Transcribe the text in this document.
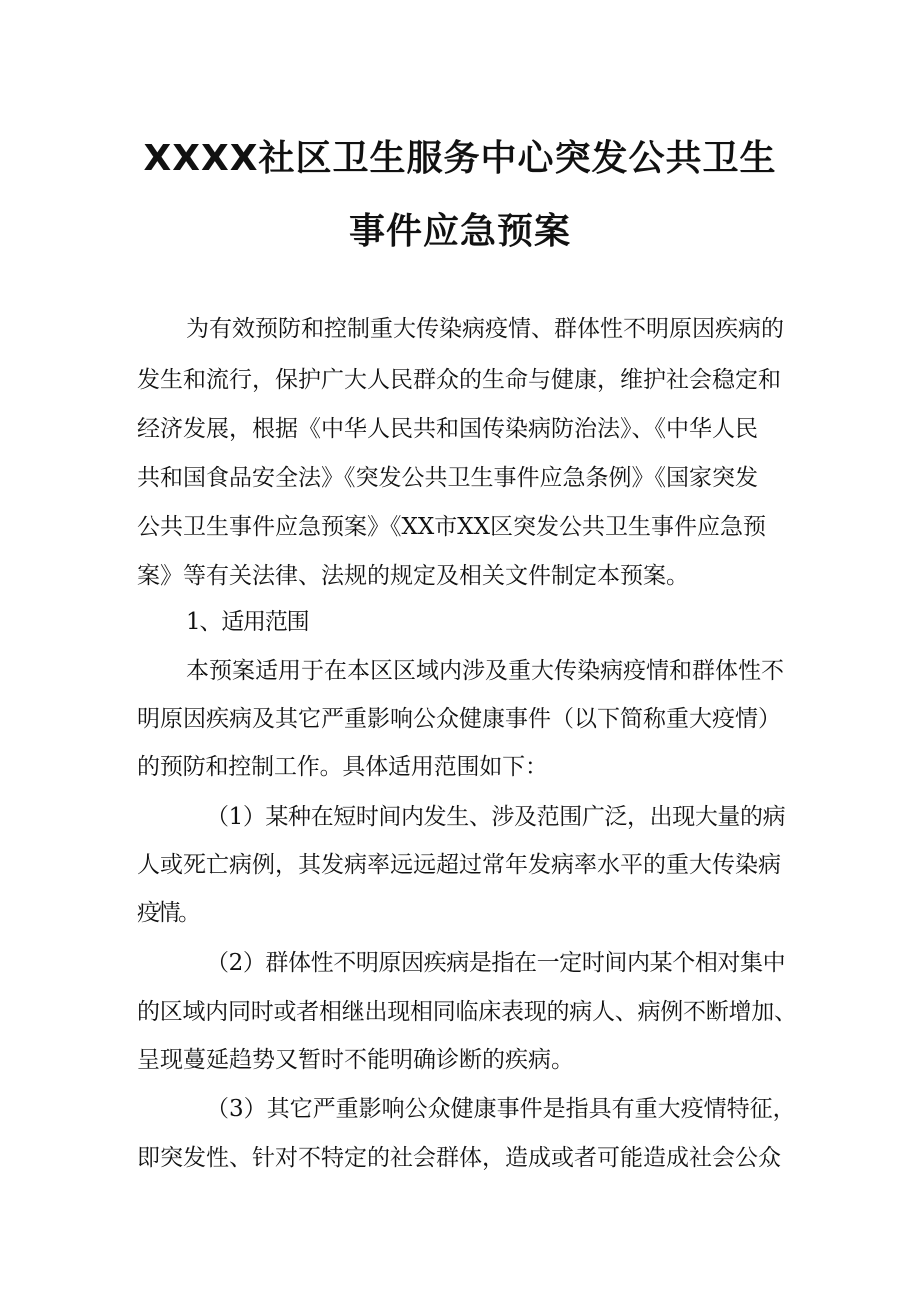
XXXX社区卫生服务中心突发公共卫生
事件应急预案

为有效预防和控制重大传染病疫情、群体性不明原因疾病的

发生和流行，保护广大人民群众的生命与健康，维护社会稳定和

经济发展，根据《中华人民共和国传染病防治法》、《中华人民

共和国食品安全法》《突发公共卫生事件应急条例》《国家突发

公共卫生事件应急预案》《XX市XX区突发公共卫生事件应急预

案》等有关法律、法规的规定及相关文件制定本预案。

1、适用范围

本预案适用于在本区区域内涉及重大传染病疫情和群体性不

明原因疾病及其它严重影响公众健康事件（以下简称重大疫情）

的预防和控制工作。具体适用范围如下：

（1）某种在短时间内发生、涉及范围广泛，出现大量的病

人或死亡病例，其发病率远远超过常年发病率水平的重大传染病

疫情。

（2）群体性不明原因疾病是指在一定时间内某个相对集中

的区域内同时或者相继出现相同临床表现的病人、病例不断增加、

呈现蔓延趋势又暂时不能明确诊断的疾病。

（3）其它严重影响公众健康事件是指具有重大疫情特征，

即突发性、针对不特定的社会群体，造成或者可能造成社会公众
